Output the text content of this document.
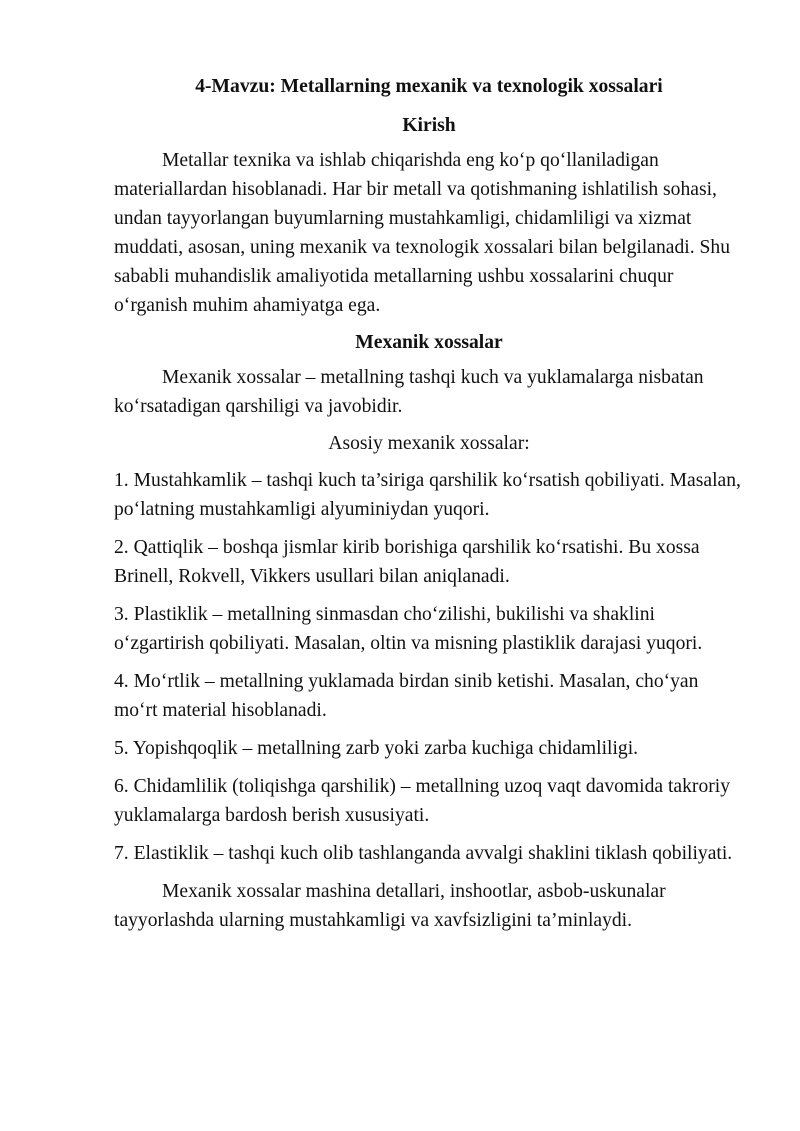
4-Mavzu: Metallarning mexanik va texnologik xossalari
Kirish

Metallar texnika va ishlab chiqarishda eng ko‘p qo‘llaniladigan materiallardan hisoblanadi. Har bir metall va qotishmaning ishlatilish sohasi, undan tayyorlangan buyumlarning mustahkamligi, chidamliligi va xizmat muddati, asosan, uning mexanik va texnologik xossalari bilan belgilanadi. Shu sababli muhandislik amaliyotida metallarning ushbu xossalarini chuqur o‘rganish muhim ahamiyatga ega.

Mexanik xossalar

Mexanik xossalar – metallning tashqi kuch va yuklamalarga nisbatan ko‘rsatadigan qarshiligi va javobidir.

Asosiy mexanik xossalar:

1. Mustahkamlik – tashqi kuch ta’siriga qarshilik ko‘rsatish qobiliyati. Masalan, po‘latning mustahkamligi alyuminiydan yuqori.

2. Qattiqlik – boshqa jismlar kirib borishiga qarshilik ko‘rsatishi. Bu xossa Brinell, Rokvell, Vikkers usullari bilan aniqlanadi.

3. Plastiklik – metallning sinmasdan cho‘zilishi, bukilishi va shaklini o‘zgartirish qobiliyati. Masalan, oltin va misning plastiklik darajasi yuqori.

4. Mo‘rtlik – metallning yuklamada birdan sinib ketishi. Masalan, cho‘yan mo‘rt material hisoblanadi.

5. Yopishqoqlik – metallning zarb yoki zarba kuchiga chidamliligi.

6. Chidamlilik (toliqishga qarshilik) – metallning uzoq vaqt davomida takroriy yuklamalarga bardosh berish xususiyati.

7. Elastiklik – tashqi kuch olib tashlanganda avvalgi shaklini tiklash qobiliyati.

Mexanik xossalar mashina detallari, inshootlar, asbob-uskunalar tayyorlashda ularning mustahkamligi va xavfsizligini ta’minlaydi.
